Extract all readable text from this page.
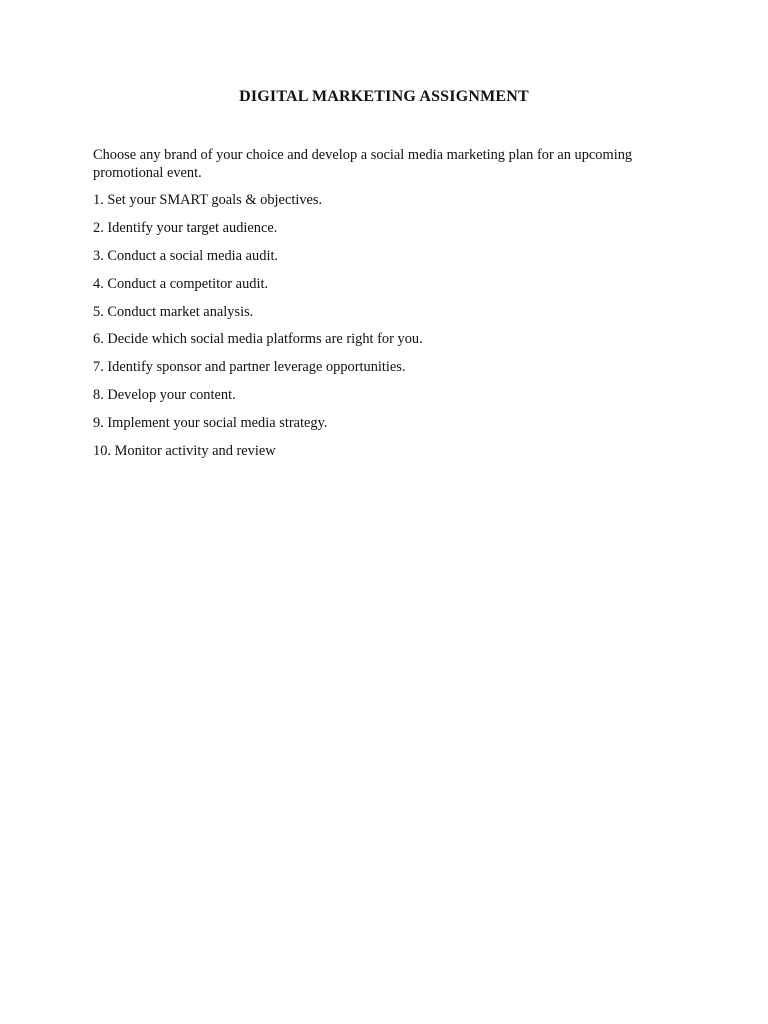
DIGITAL MARKETING ASSIGNMENT
Choose any brand of your choice and develop a social media marketing plan for an upcoming promotional event.
1. Set your SMART goals & objectives.
2. Identify your target audience.
3. Conduct a social media audit.
4. Conduct a competitor audit.
5. Conduct market analysis.
6. Decide which social media platforms are right for you.
7. Identify sponsor and partner leverage opportunities.
8. Develop your content.
9. Implement your social media strategy.
10. Monitor activity and review
